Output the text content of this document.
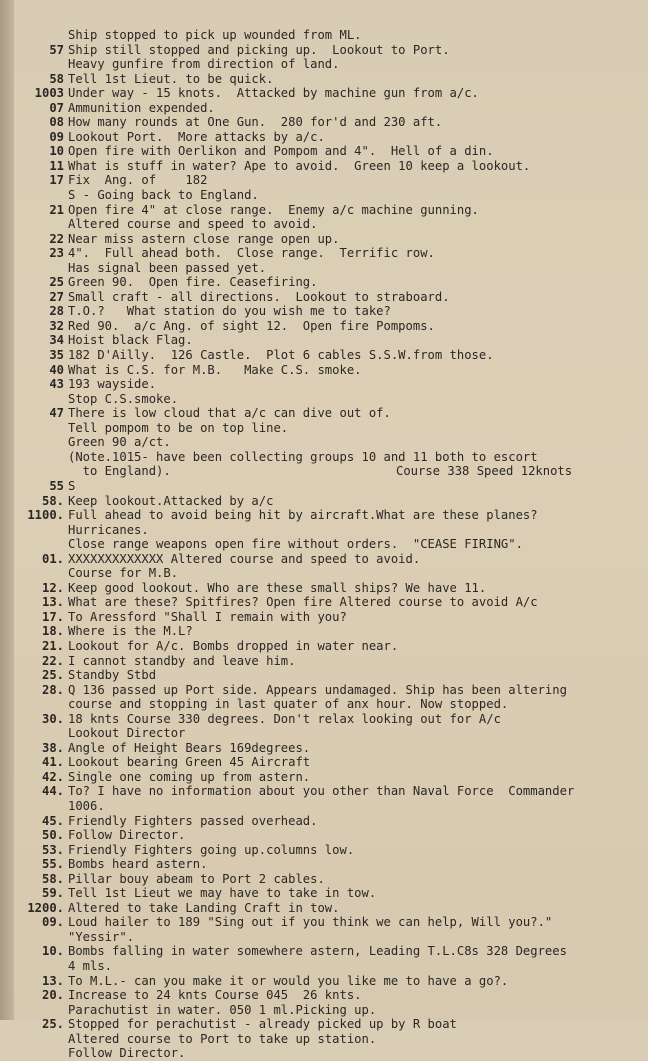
Ship stopped to pick up wounded from ML.
57 Ship still stopped and picking up.  Lookout to Port.
Heavy gunfire from direction of land.
58 Tell 1st Lieut. to be quick.
1003 Under way - 15 knots.  Attacked by machine gun from a/c.
07 Ammunition expended.
08 How many rounds at One Gun.  280 for'd and 230 aft.
09 Lookout Port.  More attacks by a/c.
10 Open fire with Oerlikon and Pompom and 4".  Hell of a din.
11 What is stuff in water? Ape to avoid.  Green 10 keep a lookout.
17 Fix  Ang. of    182
S - Going back to England.
21 Open fire 4" at close range.  Enemy a/c machine gunning.
Altered course and speed to avoid.
22 Near miss astern close range open up.
23 4".  Full ahead both.  Close range.  Terrific row.
Has signal been passed yet.
25 Green 90.  Open fire. Ceasefiring.
27 Small craft - all directions.  Lookout to straboard.
28 T.O.?   What station do you wish me to take?
32 Red 90.  a/c Ang. of sight 12.  Open fire Pompoms.
34 Hoist black Flag.
35 182 D'Ailly.  126 Castle.  Plot 6 cables S.S.W.from those.
40 What is C.S. for M.B.   Make C.S. smoke.
43 193 wayside.
Stop C.S.smoke.
47 There is low cloud that a/c can dive out of.
Tell pompom to be on top line.
Green 90 a/ct.
(Note.1015- have been collecting groups 10 and 11 both to escort
to England).
55 S
58. Keep lookout.Attacked by a/c
1100. Full ahead to avoid being hit by aircraft.What are these planes?
Hurricanes.
Close range weapons open fire without orders.  "CEASE FIRING".
01. XXXXXXXXXXXXX Altered course and speed to avoid.
Course for M.B.
12. Keep good lookout. Who are these small ships? We have 11.
13. What are these? Spitfires? Open fire Altered course to avoid A/c
17. To Aressford "Shall I remain with you?
18. Where is the M.L?
21. Lookout for A/c. Bombs dropped in water near.
22. I cannot standby and leave him.
25. Standby Stbd
28. Q 136 passed up Port side. Appears undamaged. Ship has been altering
course and stopping in last quater of anx hour. Now stopped.
30. 18 knts Course 330 degrees. Don't relax looking out for A/c
Lookout Director
38. Angle of Height Bears 169degrees.
41. Lookout bearing Green 45 Aircraft
42. Single one coming up from astern.
44. To? I have no information about you other than Naval Force  Commander
1006.
45. Friendly Fighters passed overhead.
50. Follow Director.
53. Friendly Fighters going up.columns low.
55. Bombs heard astern.
58. Pillar bouy abeam to Port 2 cables.
59. Tell 1st Lieut we may have to take in tow.
1200. Altered to take Landing Craft in tow.
09. Loud hailer to 189 "Sing out if you think we can help, Will you?."
"Yessir".
10. Bombs falling in water somewhere astern, Leading T.L.C8s 328 Degrees
4 mls.
13. To M.L.- can you make it or would you like me to have a go?.
20. Increase to 24 knts Course 045  26 knts.
Parachutist in water. 050 1 ml.Picking up.
25. Stopped for perachutist - already picked up by R boat
Altered course to Port to take up station.
Follow Director.
Course 338 Speed 12knots
